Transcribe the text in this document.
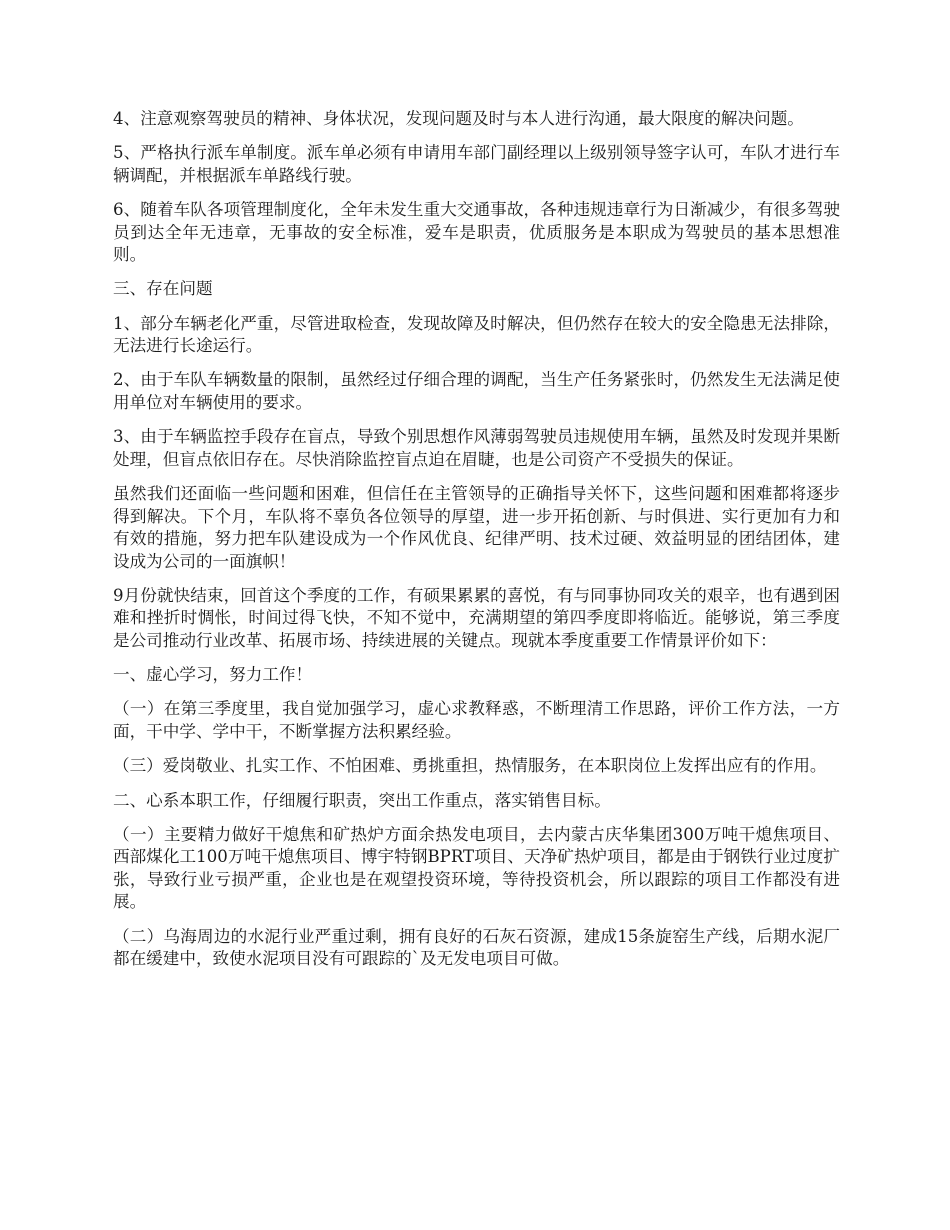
4、注意观察驾驶员的精神、身体状况，发现问题及时与本人进行沟通，最大限度的解决问题。

5、严格执行派车单制度。派车单必须有申请用车部门副经理以上级别领导签字认可，车队才进行车辆调配，并根据派车单路线行驶。

6、随着车队各项管理制度化，全年未发生重大交通事故，各种违规违章行为日渐减少，有很多驾驶员到达全年无违章，无事故的安全标准，爱车是职责，优质服务是本职成为驾驶员的基本思想准则。

三、存在问题

1、部分车辆老化严重，尽管进取检查，发现故障及时解决，但仍然存在较大的安全隐患无法排除，无法进行长途运行。

2、由于车队车辆数量的限制，虽然经过仔细合理的调配，当生产任务紧张时，仍然发生无法满足使用单位对车辆使用的要求。

3、由于车辆监控手段存在盲点，导致个别思想作风薄弱驾驶员违规使用车辆，虽然及时发现并果断处理，但盲点依旧存在。尽快消除监控盲点迫在眉睫，也是公司资产不受损失的保证。

虽然我们还面临一些问题和困难，但信任在主管领导的正确指导关怀下，这些问题和困难都将逐步得到解决。下个月，车队将不辜负各位领导的厚望，进一步开拓创新、与时俱进、实行更加有力和有效的措施，努力把车队建设成为一个作风优良、纪律严明、技术过硬、效益明显的团结团体，建设成为公司的一面旗帜！

9月份就快结束，回首这个季度的工作，有硕果累累的喜悦，有与同事协同攻关的艰辛，也有遇到困难和挫折时惆怅，时间过得飞快，不知不觉中，充满期望的第四季度即将临近。能够说，第三季度是公司推动行业改革、拓展市场、持续进展的关键点。现就本季度重要工作情景评价如下：

一、虚心学习，努力工作！

（一）在第三季度里，我自觉加强学习，虚心求教释惑，不断理清工作思路，评价工作方法，一方面，干中学、学中干，不断掌握方法积累经验。

（三）爱岗敬业、扎实工作、不怕困难、勇挑重担，热情服务，在本职岗位上发挥出应有的作用。

二、心系本职工作，仔细履行职责，突出工作重点，落实销售目标。

（一）主要精力做好干熄焦和矿热炉方面余热发电项目，去内蒙古庆华集团300万吨干熄焦项目、西部煤化工100万吨干熄焦项目、博宇特钢BPRT项目、天净矿热炉项目，都是由于钢铁行业过度扩张，导致行业亏损严重，企业也是在观望投资环境，等待投资机会，所以跟踪的项目工作都没有进展。

（二）乌海周边的水泥行业严重过剩，拥有良好的石灰石资源，建成15条旋窑生产线，后期水泥厂都在缓建中，致使水泥项目没有可跟踪的`及无发电项目可做。
